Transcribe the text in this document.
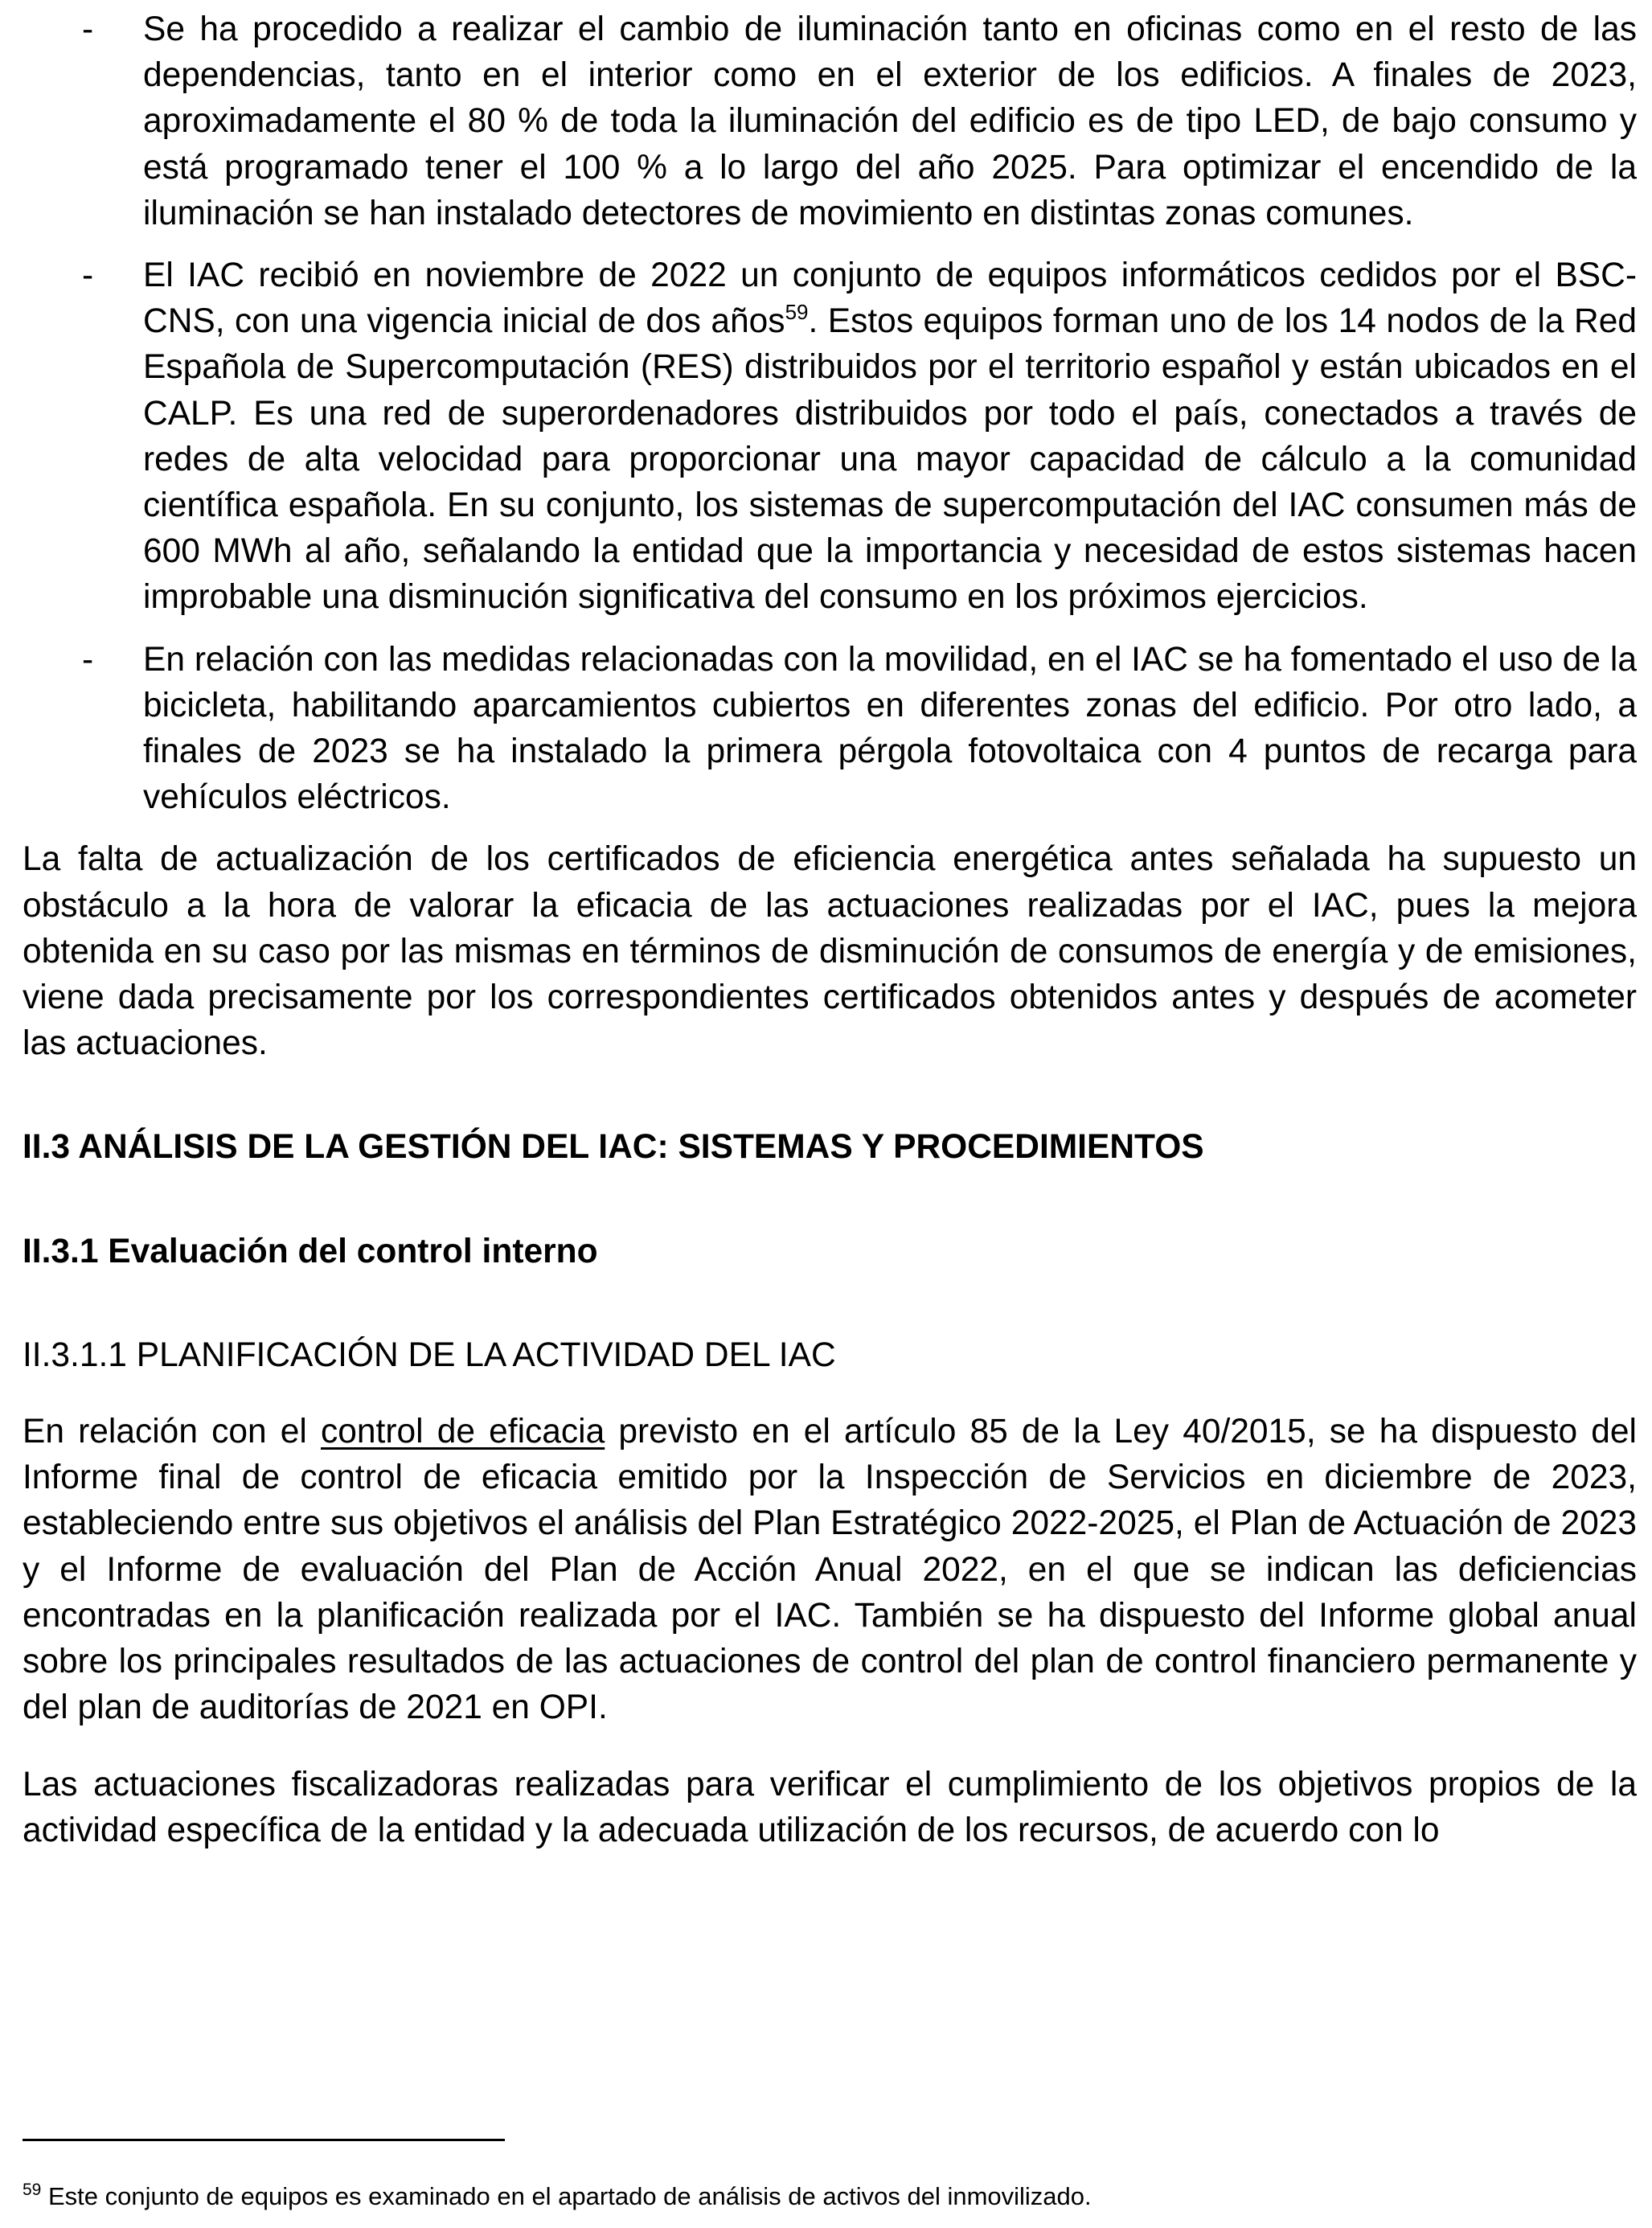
- Se ha procedido a realizar el cambio de iluminación tanto en oficinas como en el resto de las dependencias, tanto en el interior como en el exterior de los edificios. A finales de 2023, aproximadamente el 80 % de toda la iluminación del edificio es de tipo LED, de bajo consumo y está programado tener el 100 % a lo largo del año 2025. Para optimizar el encendido de la iluminación se han instalado detectores de movimiento en distintas zonas comunes.

- El IAC recibió en noviembre de 2022 un conjunto de equipos informáticos cedidos por el BSC-CNS, con una vigencia inicial de dos años$^{59}$. Estos equipos forman uno de los 14 nodos de la Red Española de Supercomputación (RES) distribuidos por el territorio español y están ubicados en el CALP. Es una red de superordenadores distribuidos por todo el país, conectados a través de redes de alta velocidad para proporcionar una mayor capacidad de cálculo a la comunidad científica española. En su conjunto, los sistemas de supercomputación del IAC consumen más de 600 MWh al año, señalando la entidad que la importancia y necesidad de estos sistemas hacen improbable una disminución significativa del consumo en los próximos ejercicios.

- En relación con las medidas relacionadas con la movilidad, en el IAC se ha fomentado el uso de la bicicleta, habilitando aparcamientos cubiertos en diferentes zonas del edificio. Por otro lado, a finales de 2023 se ha instalado la primera pérgola fotovoltaica con 4 puntos de recarga para vehículos eléctricos.

La falta de actualización de los certificados de eficiencia energética antes señalada ha supuesto un obstáculo a la hora de valorar la eficacia de las actuaciones realizadas por el IAC, pues la mejora obtenida en su caso por las mismas en términos de disminución de consumos de energía y de emisiones, viene dada precisamente por los correspondientes certificados obtenidos antes y después de acometer las actuaciones.

II.3 ANÁLISIS DE LA GESTIÓN DEL IAC: SISTEMAS Y PROCEDIMIENTOS

II.3.1 Evaluación del control interno

II.3.1.1 PLANIFICACIÓN DE LA ACTIVIDAD DEL IAC

En relación con el control de eficacia previsto en el artículo 85 de la Ley 40/2015, se ha dispuesto del Informe final de control de eficacia emitido por la Inspección de Servicios en diciembre de 2023, estableciendo entre sus objetivos el análisis del Plan Estratégico 2022-2025, el Plan de Actuación de 2023 y el Informe de evaluación del Plan de Acción Anual 2022, en el que se indican las deficiencias encontradas en la planificación realizada por el IAC. También se ha dispuesto del Informe global anual sobre los principales resultados de las actuaciones de control del plan de control financiero permanente y del plan de auditorías de 2021 en OPI.

Las actuaciones fiscalizadoras realizadas para verificar el cumplimiento de los objetivos propios de la actividad específica de la entidad y la adecuada utilización de los recursos, de acuerdo con lo

$^{59}$ Este conjunto de equipos es examinado en el apartado de análisis de activos del inmovilizado.
